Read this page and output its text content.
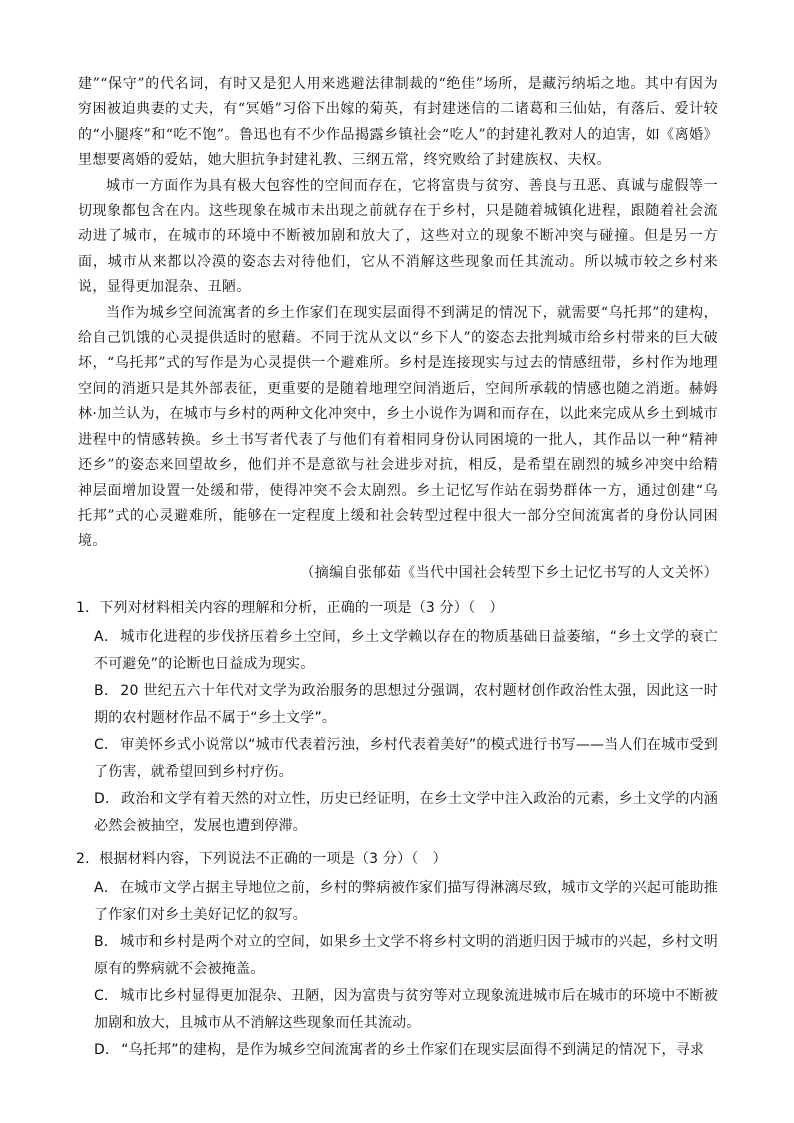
建”“保守”的代名词，有时又是犯人用来逃避法律制裁的“绝佳”场所，是藏污纳垢之地。其中有因为穷困被迫典妻的丈夫，有“冥婚”习俗下出嫁的菊英，有封建迷信的二诸葛和三仙姑，有落后、爱计较的“小腿疼”和“吃不饱”。鲁迅也有不少作品揭露乡镇社会“吃人”的封建礼教对人的迫害，如《离婚》里想要离婚的爱姑，她大胆抗争封建礼教、三纲五常，终究败给了封建族权、夫权。

城市一方面作为具有极大包容性的空间而存在，它将富贵与贫穷、善良与丑恶、真诚与虚假等一切现象都包含在内。这些现象在城市未出现之前就存在于乡村，只是随着城镇化进程，跟随着社会流动进了城市，在城市的环境中不断被加剧和放大了，这些对立的现象不断冲突与碰撞。但是另一方面，城市从来都以冷漠的姿态去对待他们，它从不消解这些现象而任其流动。所以城市较之乡村来说，显得更加混杂、丑陋。

当作为城乡空间流寓者的乡土作家们在现实层面得不到满足的情况下，就需要“乌托邦”的建构，给自己饥饿的心灵提供适时的慰藉。不同于沈从文以“乡下人”的姿态去批判城市给乡村带来的巨大破坏，“乌托邦”式的写作是为心灵提供一个避难所。乡村是连接现实与过去的情感纽带，乡村作为地理空间的消逝只是其外部表征，更重要的是随着地理空间消逝后，空间所承载的情感也随之消逝。赫姆林·加兰认为，在城市与乡村的两种文化冲突中，乡土小说作为调和而存在，以此来完成从乡土到城市进程中的情感转换。乡土书写者代表了与他们有着相同身份认同困境的一批人，其作品以一种“精神还乡”的姿态来回望故乡，他们并不是意欲与社会进步对抗，相反，是希望在剧烈的城乡冲突中给精神层面增加设置一处缓和带，使得冲突不会太剧烈。乡土记忆写作站在弱势群体一方，通过创建“乌托邦”式的心灵避难所，能够在一定程度上缓和社会转型过程中很大一部分空间流寓者的身份认同困境。

（摘编自张郁茹《当代中国社会转型下乡土记忆书写的人文关怀）

1．下列对材料相关内容的理解和分析，正确的一项是（3 分）（　）

A． 城市化进程的步伐挤压着乡土空间，乡土文学赖以存在的物质基础日益萎缩，“乡土文学的衰亡不可避免”的论断也日益成为现实。

B． 20 世纪五六十年代对文学为政治服务的思想过分强调，农村题材创作政治性太强，因此这一时期的农村题材作品不属于“乡土文学”。

C． 审美怀乡式小说常以“城市代表着污浊，乡村代表着美好”的模式进行书写——当人们在城市受到了伤害，就希望回到乡村疗伤。

D． 政治和文学有着天然的对立性，历史已经证明，在乡土文学中注入政治的元素，乡土文学的内涵必然会被抽空，发展也遭到停滞。

2．根据材料内容，下列说法不正确的一项是（3 分）（　）

A． 在城市文学占据主导地位之前，乡村的弊病被作家们描写得淋漓尽致，城市文学的兴起可能助推了作家们对乡土美好记忆的叙写。

B． 城市和乡村是两个对立的空间，如果乡土文学不将乡村文明的消逝归因于城市的兴起，乡村文明原有的弊病就不会被掩盖。

C． 城市比乡村显得更加混杂、丑陋，因为富贵与贫穷等对立现象流进城市后在城市的环境中不断被加剧和放大，且城市从不消解这些现象而任其流动。

D． “乌托邦”的建构，是作为城乡空间流寓者的乡土作家们在现实层面得不到满足的情况下，寻求
